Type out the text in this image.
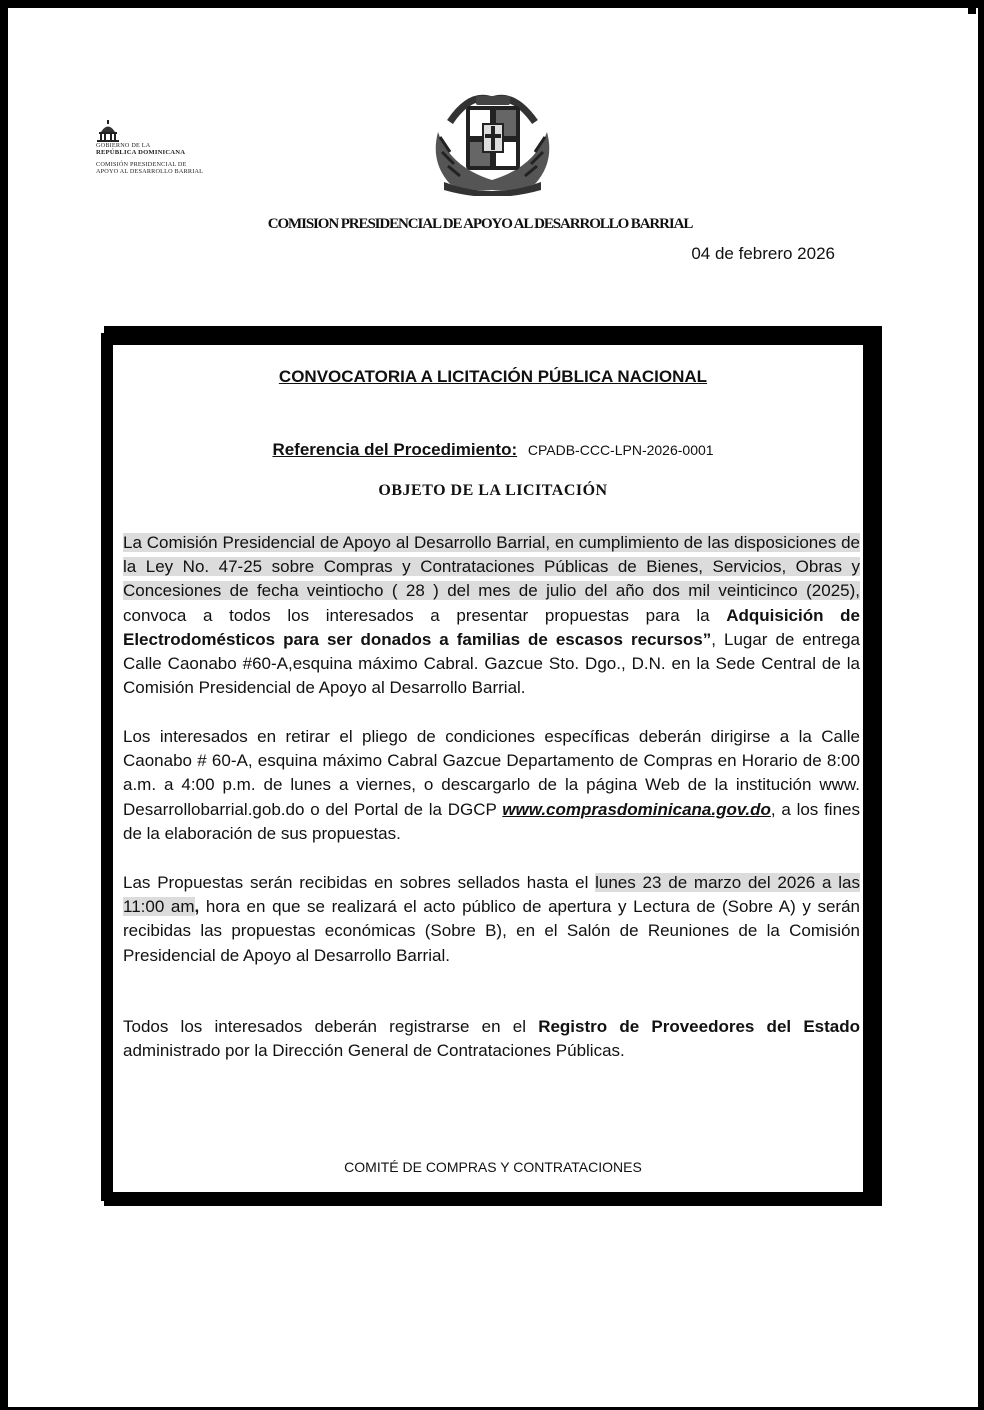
GOBIERNO DE LA
REPÚBLICA DOMINICANA
COMISIÓN PRESIDENCIAL DE
APOYO AL DESARROLLO BARRIAL
COMISION PRESIDENCIAL DE APOYO AL DESARROLLO BARRIAL
04 de febrero 2026
CONVOCATORIA A LICITACIÓN PÚBLICA NACIONAL
Referencia del Procedimiento: CPADB-CCC-LPN-2026-0001
OBJETO DE LA LICITACIÓN
La Comisión Presidencial de Apoyo al Desarrollo Barrial, en cumplimiento de las disposiciones de la Ley No. 47-25 sobre Compras y Contrataciones Públicas de Bienes, Servicios, Obras y Concesiones de fecha veintiocho ( 28 ) del mes de julio del año dos mil veinticinco (2025), convoca a todos los interesados a presentar propuestas para la Adquisición de Electrodomésticos para ser donados a familias de escasos recursos”, Lugar de entrega Calle Caonabo #60-A,esquina máximo Cabral. Gazcue Sto. Dgo., D.N. en la Sede Central de la Comisión Presidencial de Apoyo al Desarrollo Barrial.
Los interesados en retirar el pliego de condiciones específicas deberán dirigirse a la Calle Caonabo # 60-A, esquina máximo Cabral Gazcue Departamento de Compras en Horario de 8:00 a.m. a 4:00 p.m. de lunes a viernes, o descargarlo de la página Web de la institución www. Desarrollobarrial.gob.do o del Portal de la DGCP www.comprasdominicana.gov.do, a los fines de la elaboración de sus propuestas.
Las Propuestas serán recibidas en sobres sellados hasta el lunes 23 de marzo del 2026 a las 11:00 am, hora en que se realizará el acto público de apertura y Lectura de (Sobre A) y serán recibidas las propuestas económicas (Sobre B), en el Salón de Reuniones de la Comisión Presidencial de Apoyo al Desarrollo Barrial.
Todos los interesados deberán registrarse en el Registro de Proveedores del Estado administrado por la Dirección General de Contrataciones Públicas.
COMITÉ DE COMPRAS Y CONTRATACIONES
